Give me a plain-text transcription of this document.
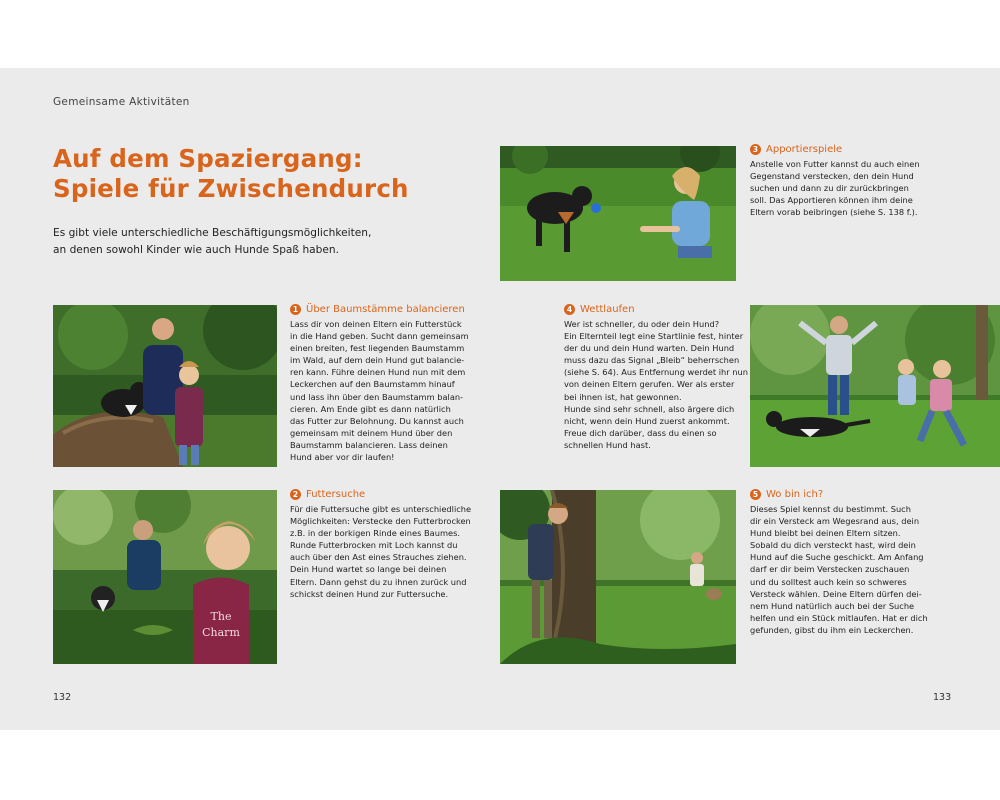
Gemeinsame Aktivitäten
Auf dem Spaziergang:
Spiele für Zwischendurch
Es gibt viele unterschiedliche Beschäftigungsmöglichkeiten,
an denen sowohl Kinder wie auch Hunde Spaß haben.
1 Über Baumstämme balancieren
Lass dir von deinen Eltern ein Futterstück
in die Hand geben. Sucht dann gemeinsam
einen breiten, fest liegenden Baumstamm
im Wald, auf dem dein Hund gut balancie-
ren kann. Führe deinen Hund nun mit dem
Leckerchen auf den Baumstamm hinauf
und lass ihn über den Baumstamm balan-
cieren. Am Ende gibt es dann natürlich
das Futter zur Belohnung. Du kannst auch
gemeinsam mit deinem Hund über den
Baumstamm balancieren. Lass deinen
Hund aber vor dir laufen!
The
Charm
2 Futtersuche
Für die Futtersuche gibt es unterschiedliche
Möglichkeiten: Verstecke den Futterbrocken
z.B. in der borkigen Rinde eines Baumes.
Runde Futterbrocken mit Loch kannst du
auch über den Ast eines Strauches ziehen.
Dein Hund wartet so lange bei deinen
Eltern. Dann gehst du zu ihnen zurück und
schickst deinen Hund zur Futtersuche.
132
3 Apportierspiele
Anstelle von Futter kannst du auch einen
Gegenstand verstecken, den dein Hund
suchen und dann zu dir zurückbringen
soll. Das Apportieren können ihm deine
Eltern vorab beibringen (siehe S. 138 f.).
4 Wettlaufen
Wer ist schneller, du oder dein Hund?
Ein Elternteil legt eine Startlinie fest, hinter
der du und dein Hund warten. Dein Hund
muss dazu das Signal „Bleib“ beherrschen
(siehe S. 64). Aus Entfernung werdet ihr nun
von deinen Eltern gerufen. Wer als erster
bei ihnen ist, hat gewonnen.
Hunde sind sehr schnell, also ärgere dich
nicht, wenn dein Hund zuerst ankommt.
Freue dich darüber, dass du einen so
schnellen Hund hast.
5 Wo bin ich?
Dieses Spiel kennst du bestimmt. Such
dir ein Versteck am Wegesrand aus, dein
Hund bleibt bei deinen Eltern sitzen.
Sobald du dich versteckt hast, wird dein
Hund auf die Suche geschickt. Am Anfang
darf er dir beim Verstecken zuschauen
und du solltest auch kein so schweres
Versteck wählen. Deine Eltern dürfen dei-
nem Hund natürlich auch bei der Suche
helfen und ein Stück mitlaufen. Hat er dich
gefunden, gibst du ihm ein Leckerchen.
133
